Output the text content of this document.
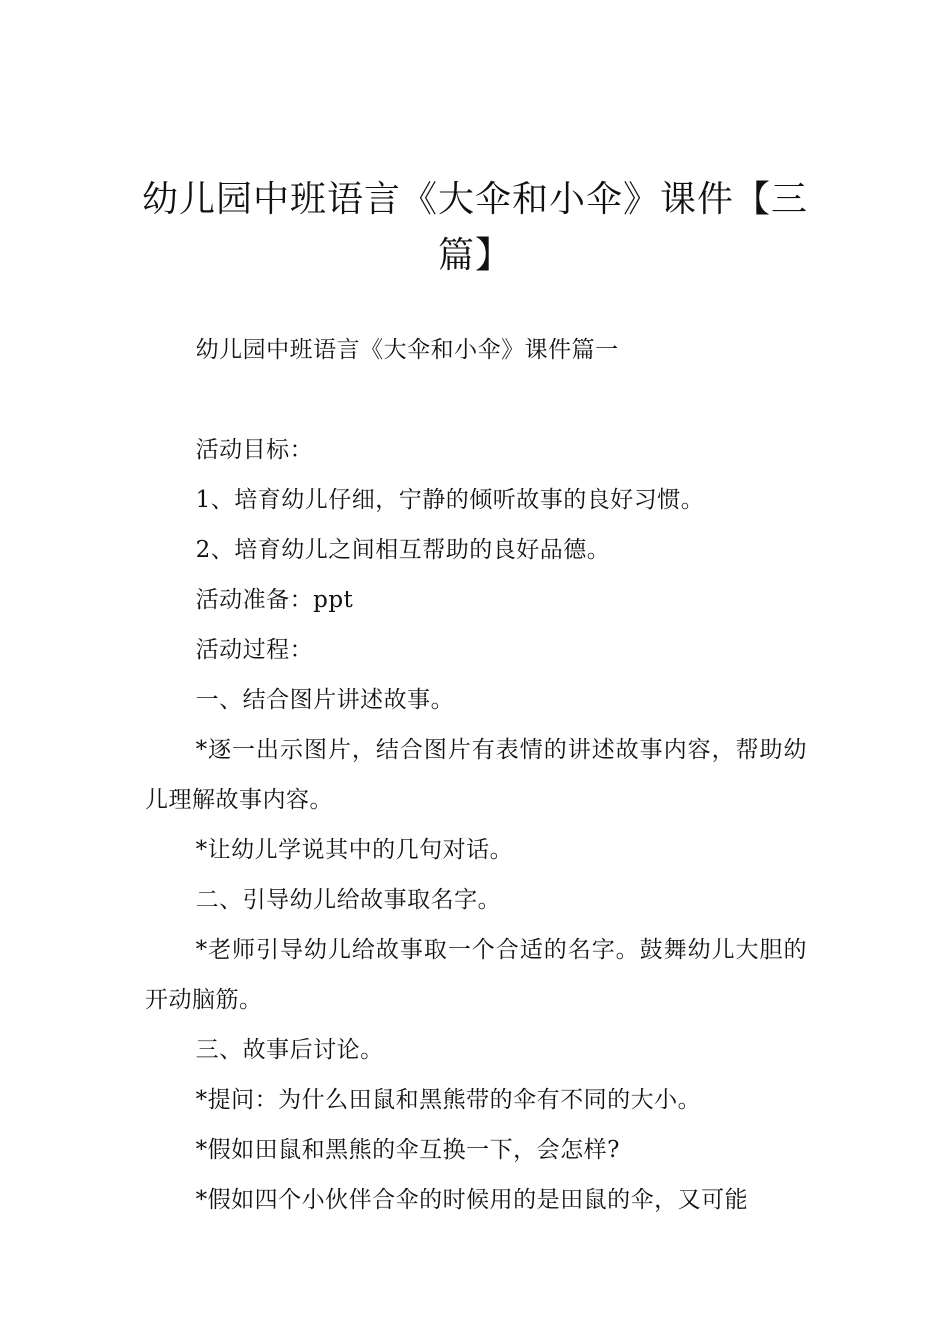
幼儿园中班语言《大伞和小伞》课件【三篇】

幼儿园中班语言《大伞和小伞》课件篇一

活动目标：

1、培育幼儿仔细，宁静的倾听故事的良好习惯。

2、培育幼儿之间相互帮助的良好品德。

活动准备：ppt

活动过程：

一、结合图片讲述故事。

*逐一出示图片，结合图片有表情的讲述故事内容，帮助幼儿理解故事内容。

*让幼儿学说其中的几句对话。

二、引导幼儿给故事取名字。

*老师引导幼儿给故事取一个合适的名字。鼓舞幼儿大胆的开动脑筋。

三、故事后讨论。

*提问：为什么田鼠和黑熊带的伞有不同的大小。

*假如田鼠和黑熊的伞互换一下，会怎样?

*假如四个小伙伴合伞的时候用的是田鼠的伞，又可能
